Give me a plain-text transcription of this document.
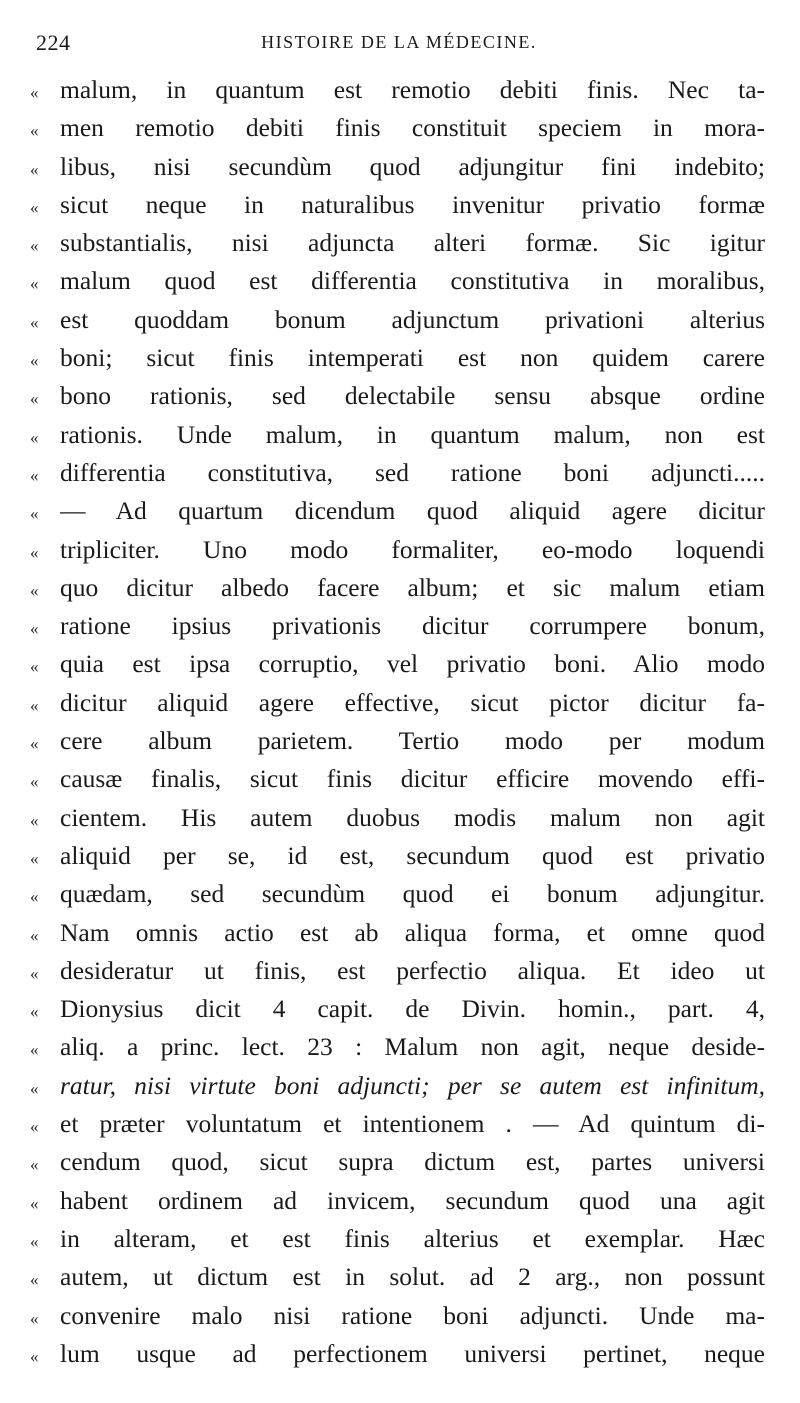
224	HISTOIRE DE LA MÉDECINE.
« malum, in quantum est remotio debiti finis. Nec ta-
« men remotio debiti finis constituit speciem in mora-
« libus, nisi secundùm quod adjungitur fini indebito;
« sicut neque in naturalibus invenitur privatio formæ
« substantialis, nisi adjuncta alteri formæ. Sic igitur
« malum quod est differentia constitutiva in moralibus,
« est quoddam bonum adjunctum privationi alterius
« boni; sicut finis intemperati est non quidem carere
« bono rationis, sed delectabile sensu absque ordine
« rationis. Unde malum, in quantum malum, non est
« differentia constitutiva, sed ratione boni adjuncti.....
« — Ad quartum dicendum quod aliquid agere dicitur
« tripliciter. Uno modo formaliter, eo-modo loquendi
« quo dicitur albedo facere album; et sic malum etiam
« ratione ipsius privationis dicitur corrumpere bonum,
« quia est ipsa corruptio, vel privatio boni. Alio modo
« dicitur aliquid agere effective, sicut pictor dicitur fa-
« cere album parietem. Tertio modo per modum
« causæ finalis, sicut finis dicitur efficire movendo effi-
« cientem. His autem duobus modis malum non agit
« aliquid per se, id est, secundum quod est privatio
« quædam, sed secundùm quod ei bonum adjungitur.
« Nam omnis actio est ab aliqua forma, et omne quod
« desideratur ut finis, est perfectio aliqua. Et ideo ut
« Dionysius dicit 4 capit. de Divin. homin., part. 4,
« aliq. a princ. lect. 23 : Malum non agit, neque deside-
« ratur, nisi virtute boni adjuncti; per se autem est infinitum,
« et præter voluntatum et intentionem . — Ad quintum di-
« cendum quod, sicut supra dictum est, partes universi
« habent ordinem ad invicem, secundum quod una agit
« in alteram, et est finis alterius et exemplar. Hæc
« autem, ut dictum est in solut. ad 2 arg., non possunt
« convenire malo nisi ratione boni adjuncti. Unde ma-
« lum usque ad perfectionem universi pertinet, neque
